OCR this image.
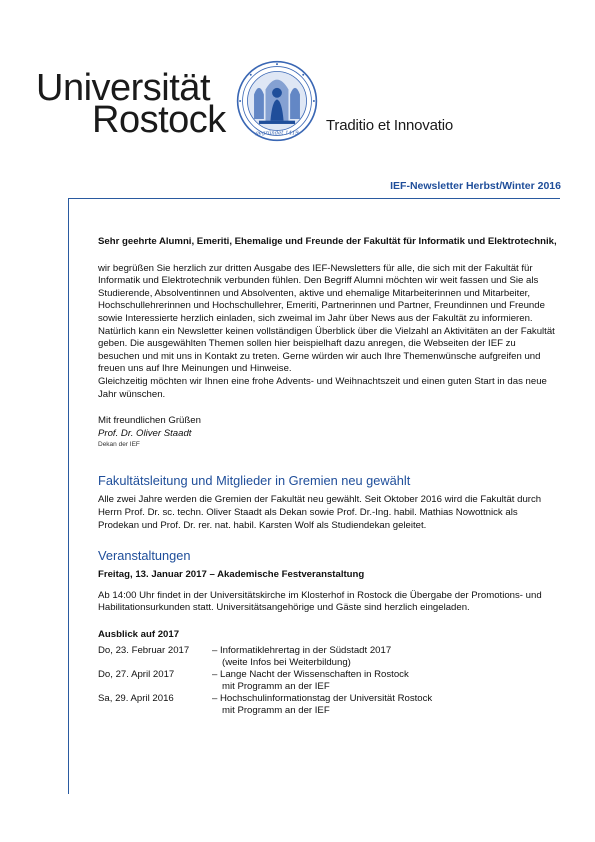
Universität
Rostock	gegründet 1419 Traditio et Innovatio
IEF-Newsletter Herbst/Winter 2016

Sehr geehrte Alumni, Emeriti, Ehemalige und Freunde der Fakultät für Informatik und Elektrotechnik,

wir begrüßen Sie herzlich zur dritten Ausgabe des IEF-Newsletters für alle, die sich mit der Fakultät für Informatik und Elektrotechnik verbunden fühlen. Den Begriff Alumni möchten wir weit fassen und Sie als Studierende, Absolventinnen und Absolventen, aktive und ehemalige Mitarbeiterinnen und Mitarbeiter, Hochschullehrerinnen und Hochschullehrer, Emeriti, Partnerinnen und Partner, Freundinnen und Freunde sowie Interessierte herzlich einladen, sich zweimal im Jahr über News aus der Fakultät zu informieren. Natürlich kann ein Newsletter keinen vollständigen Überblick über die Vielzahl an Aktivitäten an der Fakultät geben. Die ausgewählten Themen sollen hier beispielhaft dazu anregen, die Webseiten der IEF zu besuchen und mit uns in Kontakt zu treten. Gerne würden wir auch Ihre Themenwünsche aufgreifen und freuen uns auf Ihre Meinungen und Hinweise.

Gleichzeitig möchten wir Ihnen eine frohe Advents- und Weihnachtszeit und einen guten Start in das neue Jahr wünschen.

Mit freundlichen Grüßen

Prof. Dr. Oliver Staadt

Dekan der IEF

Fakultätsleitung und Mitglieder in Gremien neu gewählt

Alle zwei Jahre werden die Gremien der Fakultät neu gewählt. Seit Oktober 2016 wird die Fakultät durch Herrn Prof. Dr. sc. techn. Oliver Staadt als Dekan sowie Prof. Dr.-Ing. habil. Mathias Nowottnick als Prodekan und Prof. Dr. rer. nat. habil. Karsten Wolf als Studiendekan geleitet.

Veranstaltungen

Freitag, 13. Januar 2017 – Akademische Festveranstaltung

Ab 14:00 Uhr findet in der Universitätskirche im Klosterhof in Rostock die Übergabe der Promotions- und Habilitationsurkunden statt. Universitätsangehörige und Gäste sind herzlich eingeladen.

Ausblick auf 2017

Do, 23. Februar 2017	– Informatiklehrertag in der Südstadt 2017
(weite Infos bei Weiterbildung)

Do, 27. April 2017	– Lange Nacht der Wissenschaften in Rostock
mit Programm an der IEF

Sa, 29. April 2016	– Hochschulinformationstag der Universität Rostock
mit Programm an der IEF
